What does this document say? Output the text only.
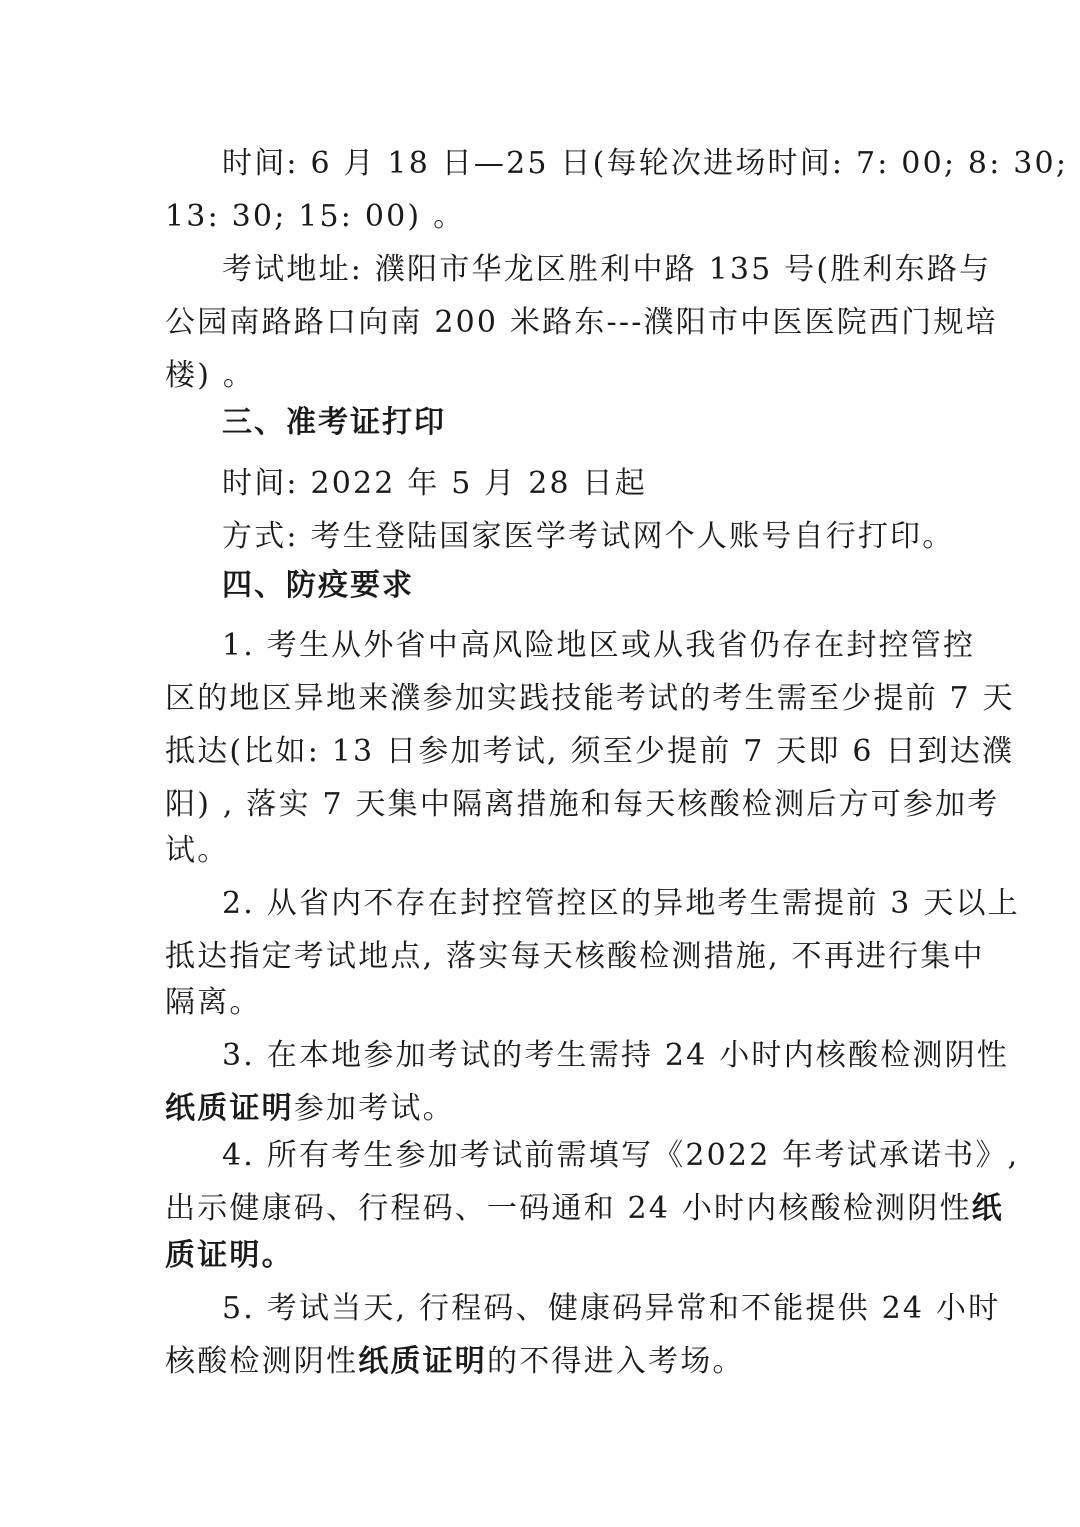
时间: 6 月 18 日—25 日(每轮次进场时间: 7: 00; 8: 30;
13: 30; 15: 00) 。
考试地址: 濮阳市华龙区胜利中路 135 号(胜利东路与
公园南路路口向南 200 米路东---濮阳市中医医院西门规培
楼) 。
三、准考证打印
时间: 2022 年 5 月 28 日起
方式: 考生登陆国家医学考试网个人账号自行打印。
四、防疫要求
1. 考生从外省中高风险地区或从我省仍存在封控管控
区的地区异地来濮参加实践技能考试的考生需至少提前 7 天
抵达(比如: 13 日参加考试, 须至少提前 7 天即 6 日到达濮
阳) , 落实 7 天集中隔离措施和每天核酸检测后方可参加考
试。
2. 从省内不存在封控管控区的异地考生需提前 3 天以上
抵达指定考试地点, 落实每天核酸检测措施, 不再进行集中
隔离。
3. 在本地参加考试的考生需持 24 小时内核酸检测阴性
纸质证明参加考试。
4. 所有考生参加考试前需填写《2022 年考试承诺书》,
出示健康码、行程码、一码通和 24 小时内核酸检测阴性纸
质证明。
5. 考试当天, 行程码、健康码异常和不能提供 24 小时
核酸检测阴性纸质证明的不得进入考场。
